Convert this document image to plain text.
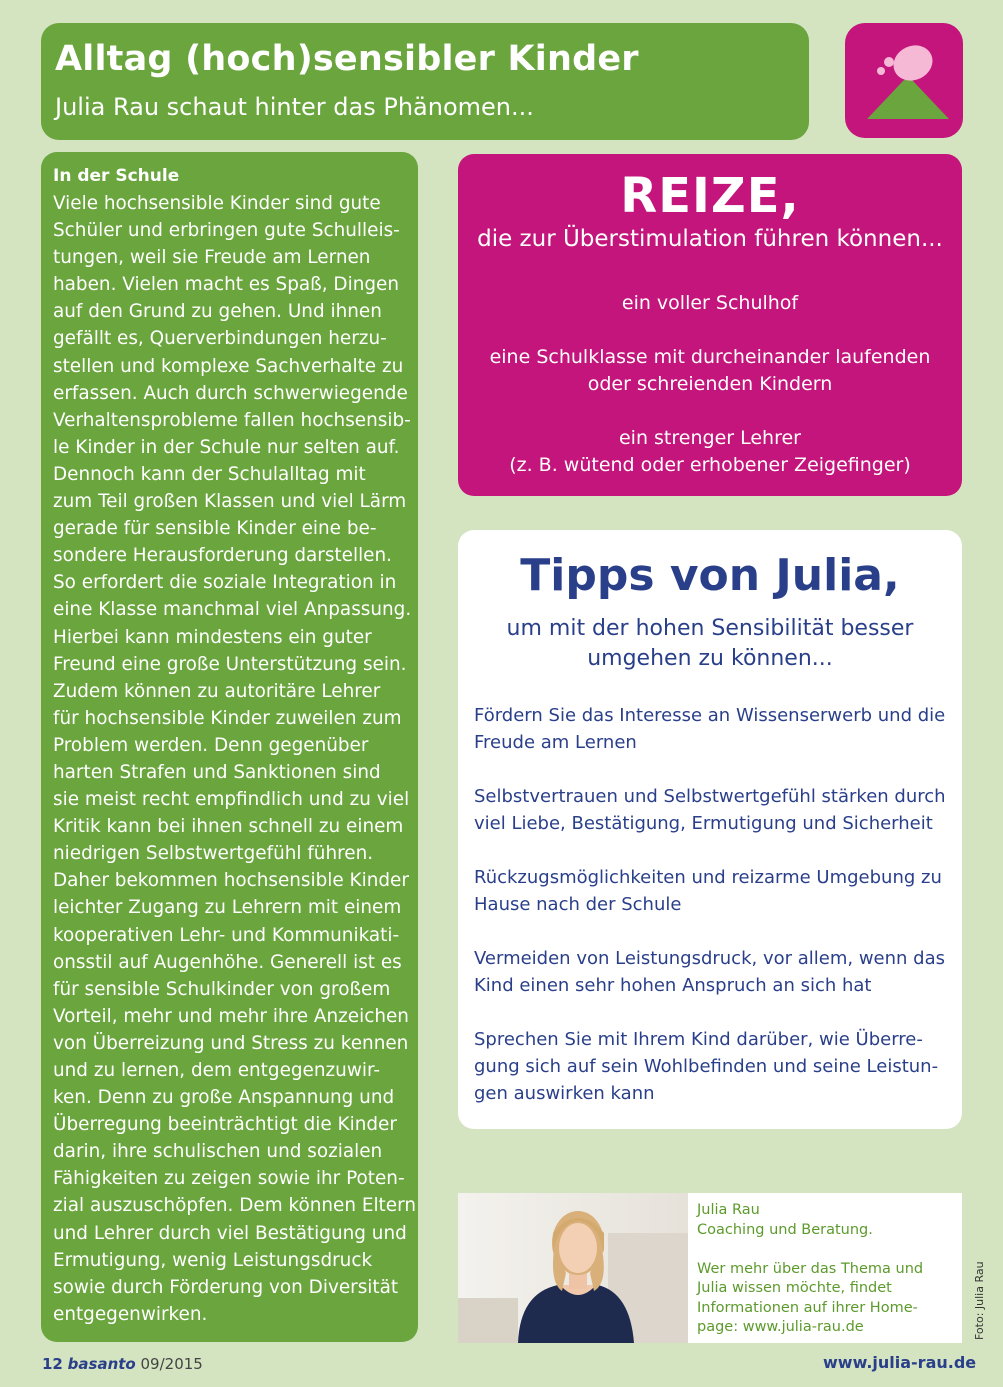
Alltag (hoch)sensibler Kinder
Julia Rau schaut hinter das Phänomen...
In der Schule
Viele hochsensible Kinder sind gute
Schüler und erbringen gute Schulleis-
tungen, weil sie Freude am Lernen
haben. Vielen macht es Spaß, Dingen
auf den Grund zu gehen. Und ihnen
gefällt es, Querverbindungen herzu-
stellen und komplexe Sachverhalte zu
erfassen. Auch durch schwerwiegende
Verhaltensprobleme fallen hochsensib-
le Kinder in der Schule nur selten auf.
Dennoch kann der Schulalltag mit
zum Teil großen Klassen und viel Lärm
gerade für sensible Kinder eine be-
sondere Herausforderung darstellen.
So erfordert die soziale Integration in
eine Klasse manchmal viel Anpassung.
Hierbei kann mindestens ein guter
Freund eine große Unterstützung sein.
Zudem können zu autoritäre Lehrer
für hochsensible Kinder zuweilen zum
Problem werden. Denn gegenüber
harten Strafen und Sanktionen sind
sie meist recht empfindlich und zu viel
Kritik kann bei ihnen schnell zu einem
niedrigen Selbstwertgefühl führen.
Daher bekommen hochsensible Kinder
leichter Zugang zu Lehrern mit einem
kooperativen Lehr- und Kommunikati-
onsstil auf Augenhöhe. Generell ist es
für sensible Schulkinder von großem
Vorteil, mehr und mehr ihre Anzeichen
von Überreizung und Stress zu kennen
und zu lernen, dem entgegenzuwir-
ken. Denn zu große Anspannung und
Überregung beeinträchtigt die Kinder
darin, ihre schulischen und sozialen
Fähigkeiten zu zeigen sowie ihr Poten-
zial auszuschöpfen. Dem können Eltern
und Lehrer durch viel Bestätigung und
Ermutigung, wenig Leistungsdruck
sowie durch Förderung von Diversität
entgegenwirken.
REIZE,
die zur Überstimulation führen können...
ein voller Schulhof
eine Schulklasse mit durcheinander laufenden
oder schreienden Kindern
ein strenger Lehrer
(z. B. wütend oder erhobener Zeigefinger)
Tipps von Julia,
um mit der hohen Sensibilität besser
umgehen zu können...
Fördern Sie das Interesse an Wissenserwerb und die
Freude am Lernen
Selbstvertrauen und Selbstwertgefühl stärken durch
viel Liebe, Bestätigung, Ermutigung und Sicherheit
Rückzugsmöglichkeiten und reizarme Umgebung zu
Hause nach der Schule
Vermeiden von Leistungsdruck, vor allem, wenn das
Kind einen sehr hohen Anspruch an sich hat
Sprechen Sie mit Ihrem Kind darüber, wie Überre-
gung sich auf sein Wohlbefinden und seine Leistun-
gen auswirken kann
Julia Rau
Coaching und Beratung.

Wer mehr über das Thema und
Julia wissen möchte, findet
Informationen auf ihrer Home-
page: www.julia-rau.de	Foto: Julia Rau
12 basanto 09/2015	www.julia-rau.de
